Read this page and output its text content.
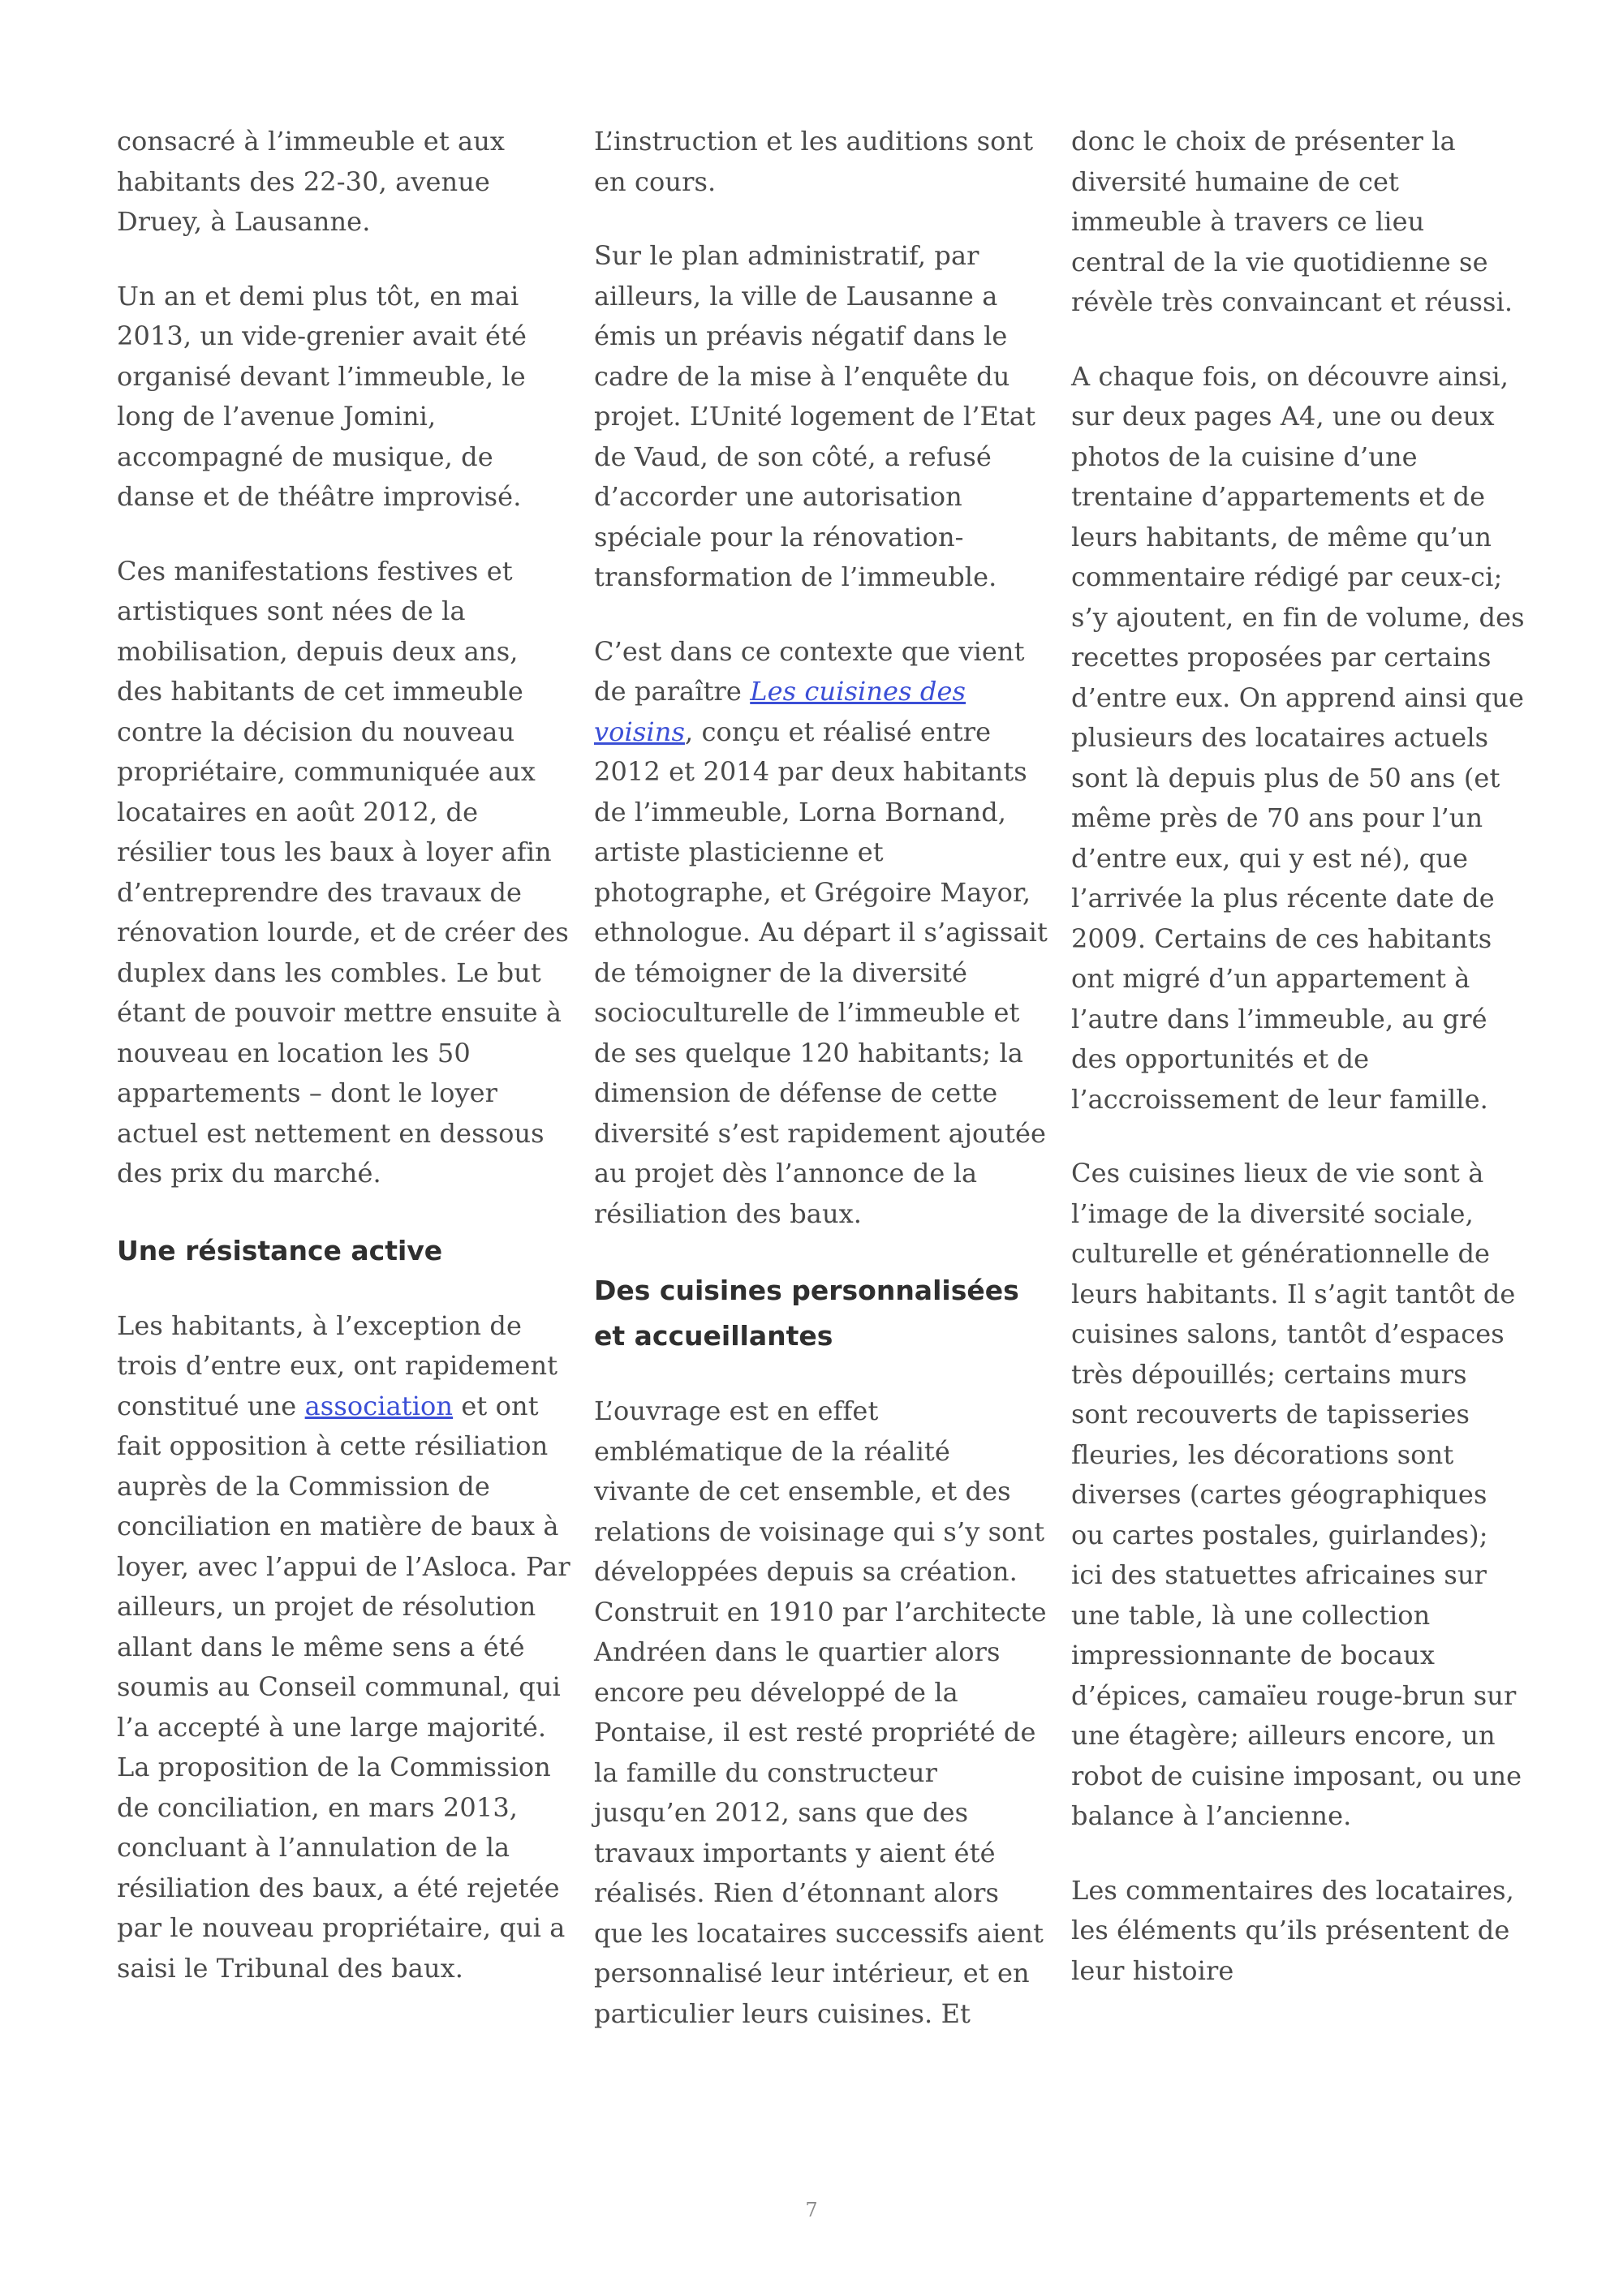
consacré à l’immeuble et aux habitants des 22-30, avenue Druey, à Lausanne.

Un an et demi plus tôt, en mai 2013, un vide-grenier avait été organisé devant l’immeuble, le long de l’avenue Jomini, accompagné de musique, de danse et de théâtre improvisé.

Ces manifestations festives et artistiques sont nées de la mobilisation, depuis deux ans, des habitants de cet immeuble contre la décision du nouveau propriétaire, communiquée aux locataires en août 2012, de résilier tous les baux à loyer afin d’entreprendre des travaux de rénovation lourde, et de créer des duplex dans les combles. Le but étant de pouvoir mettre ensuite à nouveau en location les 50 appartements – dont le loyer actuel est nettement en dessous des prix du marché.

Une résistance active

Les habitants, à l’exception de trois d’entre eux, ont rapidement constitué une association et ont fait opposition à cette résiliation auprès de la Commission de conciliation en matière de baux à loyer, avec l’appui de l’Asloca. Par ailleurs, un projet de résolution allant dans le même sens a été soumis au Conseil communal, qui l’a accepté à une large majorité. La proposition de la Commission de conciliation, en mars 2013, concluant à l’annulation de la résiliation des baux, a été rejetée par le nouveau propriétaire, qui a saisi le Tribunal des baux.

L’instruction et les auditions sont en cours.

Sur le plan administratif, par ailleurs, la ville de Lausanne a émis un préavis négatif dans le cadre de la mise à l’enquête du projet. L’Unité logement de l’Etat de Vaud, de son côté, a refusé d’accorder une autorisation spéciale pour la rénovation-transformation de l’immeuble.

C’est dans ce contexte que vient de paraître Les cuisines des voisins, conçu et réalisé entre 2012 et 2014 par deux habitants de l’immeuble, Lorna Bornand, artiste plasticienne et photographe, et Grégoire Mayor, ethnologue. Au départ il s’agissait de témoigner de la diversité socioculturelle de l’immeuble et de ses quelque 120 habitants; la dimension de défense de cette diversité s’est rapidement ajoutée au projet dès l’annonce de la résiliation des baux.

Des cuisines personnalisées et accueillantes

L’ouvrage est en effet emblématique de la réalité vivante de cet ensemble, et des relations de voisinage qui s’y sont développées depuis sa création. Construit en 1910 par l’architecte Andréen dans le quartier alors encore peu développé de la Pontaise, il est resté propriété de la famille du constructeur jusqu’en 2012, sans que des travaux importants y aient été réalisés. Rien d’étonnant alors que les locataires successifs aient personnalisé leur intérieur, et en particulier leurs cuisines. Et

donc le choix de présenter la diversité humaine de cet immeuble à travers ce lieu central de la vie quotidienne se révèle très convaincant et réussi.

A chaque fois, on découvre ainsi, sur deux pages A4, une ou deux photos de la cuisine d’une trentaine d’appartements et de leurs habitants, de même qu’un commentaire rédigé par ceux-ci; s’y ajoutent, en fin de volume, des recettes proposées par certains d’entre eux. On apprend ainsi que plusieurs des locataires actuels sont là depuis plus de 50 ans (et même près de 70 ans pour l’un d’entre eux, qui y est né), que l’arrivée la plus récente date de 2009. Certains de ces habitants ont migré d’un appartement à l’autre dans l’immeuble, au gré des opportunités et de l’accroissement de leur famille.

Ces cuisines lieux de vie sont à l’image de la diversité sociale, culturelle et générationnelle de leurs habitants. Il s’agit tantôt de cuisines salons, tantôt d’espaces très dépouillés; certains murs sont recouverts de tapisseries fleuries, les décorations sont diverses (cartes géographiques ou cartes postales, guirlandes); ici des statuettes africaines sur une table, là une collection impressionnante de bocaux d’épices, camaïeu rouge-brun sur une étagère; ailleurs encore, un robot de cuisine imposant, ou une balance à l’ancienne.

Les commentaires des locataires, les éléments qu’ils présentent de leur histoire

7
